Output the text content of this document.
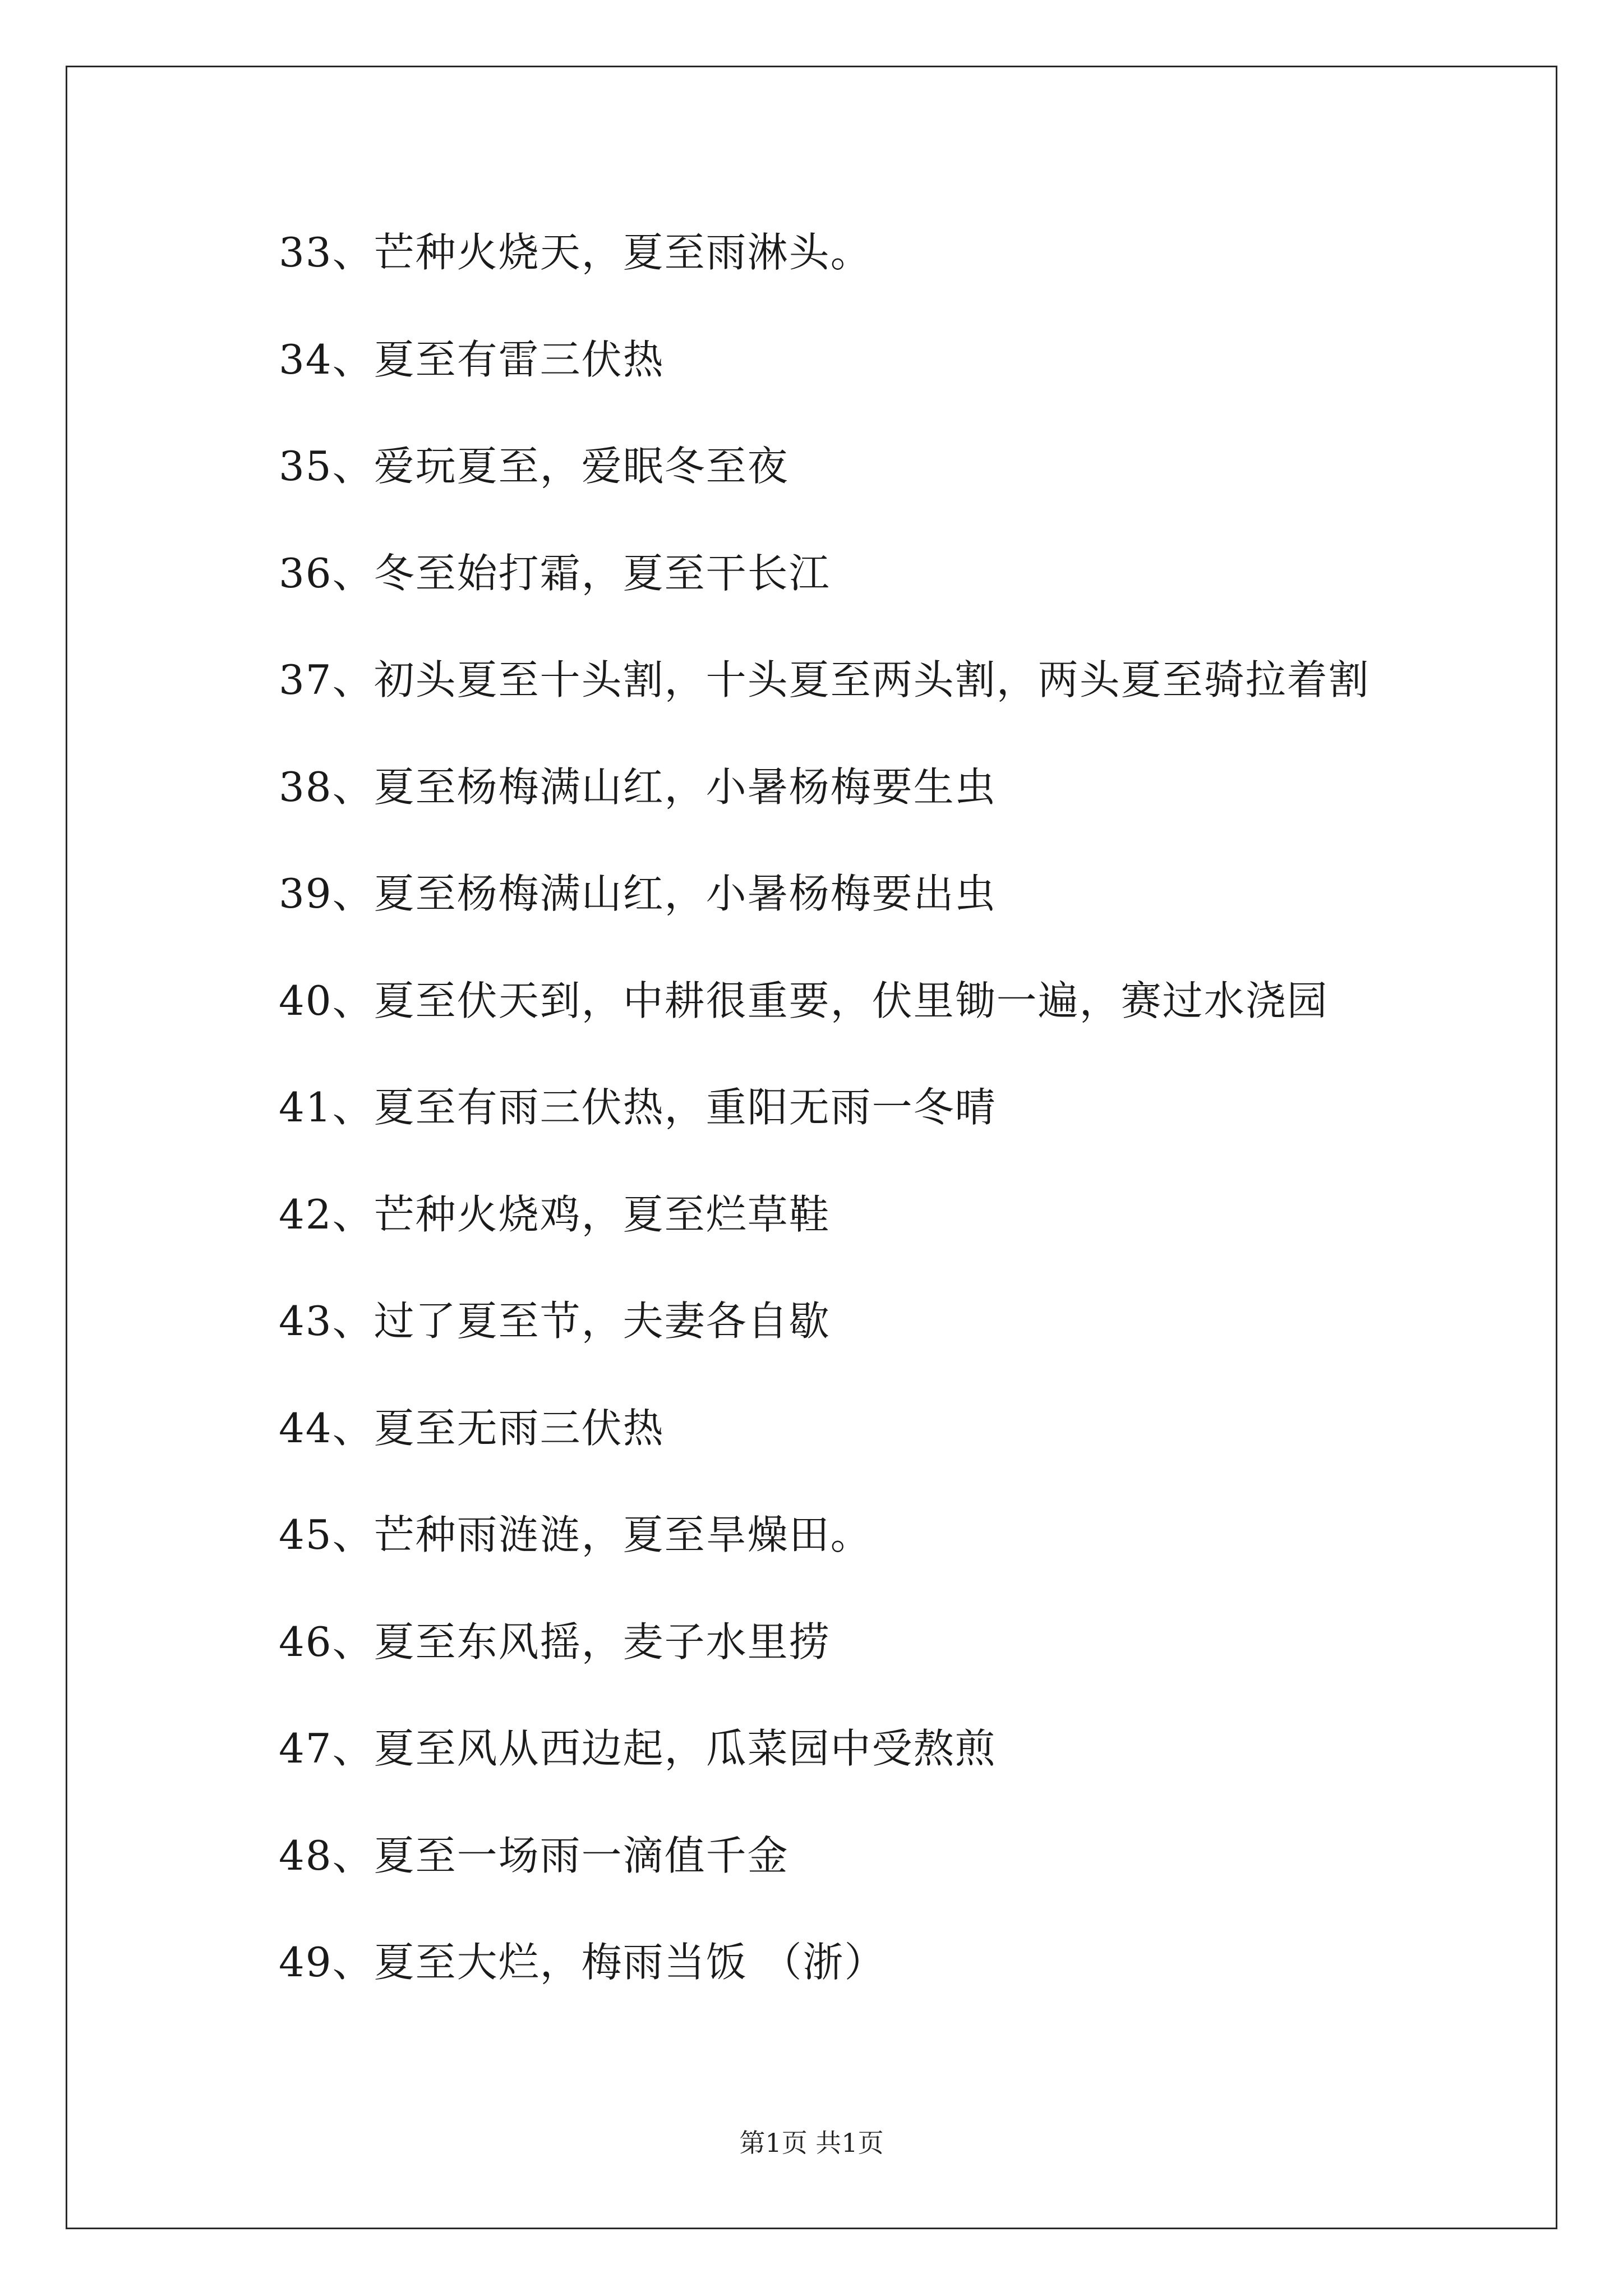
33、芒种火烧天，夏至雨淋头。
34、夏至有雷三伏热
35、爱玩夏至，爱眠冬至夜
36、冬至始打霜，夏至干长江
37、初头夏至十头割，十头夏至两头割，两头夏至骑拉着割
38、夏至杨梅满山红，小暑杨梅要生虫
39、夏至杨梅满山红，小暑杨梅要出虫
40、夏至伏天到，中耕很重要，伏里锄一遍，赛过水浇园
41、夏至有雨三伏热，重阳无雨一冬晴
42、芒种火烧鸡，夏至烂草鞋
43、过了夏至节，夫妻各自歇
44、夏至无雨三伏热
45、芒种雨涟涟，夏至旱燥田。
46、夏至东风摇，麦子水里捞
47、夏至风从西边起，瓜菜园中受熬煎
48、夏至一场雨一滴值千金
49、夏至大烂，梅雨当饭 （浙）
第1页 共1页
